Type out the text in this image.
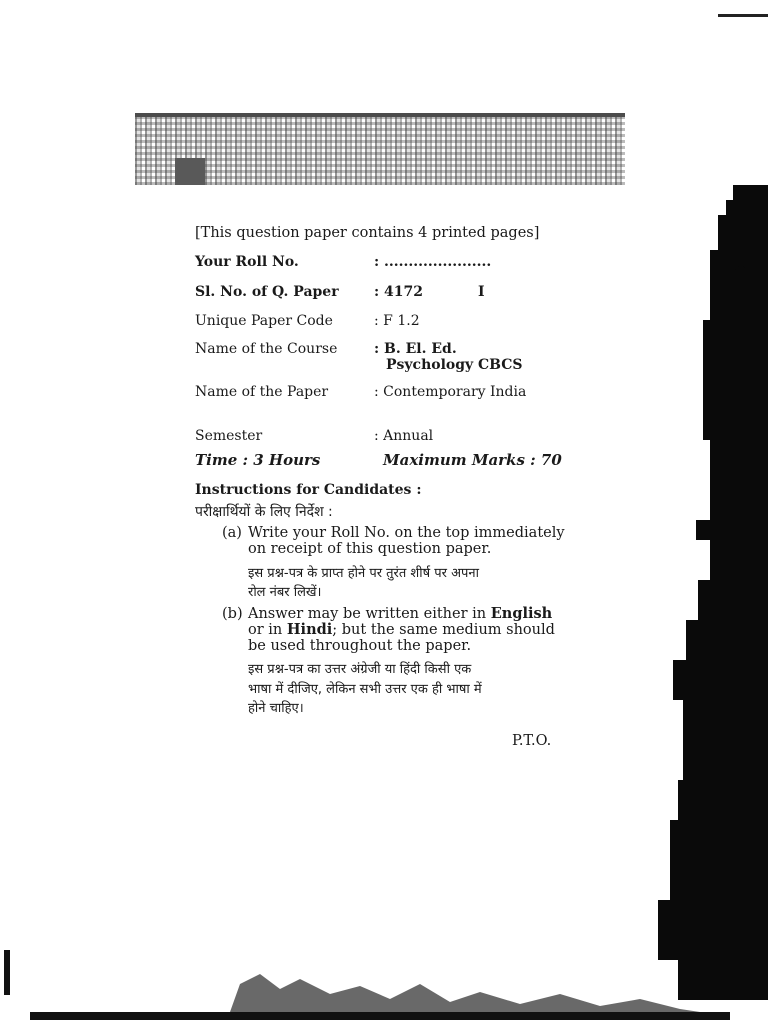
[This question paper contains 4 printed pages]
Your Roll No.	: ......................
Sl. No. of Q. Paper	: 4172	I
Unique Paper Code	: F 1.2
Name of the Course	: B. El. Ed.
Psychology CBCS
Name of the Paper	: Contemporary India
Semester	: Annual
Time : 3 Hours	Maximum Marks : 70
Instructions for Candidates :
परीक्षार्थियों के लिए निर्देश :
(a) Write your Roll No. on the top immediately
on receipt of this question paper.
इस प्रश्न-पत्र के प्राप्त होने पर तुरंत शीर्ष पर अपना
रोल नंबर लिखें।
(b) Answer may be written either in English
or in Hindi; but the same medium should
be used throughout the paper.
इस प्रश्न-पत्र का उत्तर अंग्रेजी या हिंदी किसी एक
भाषा में दीजिए, लेकिन सभी उत्तर एक ही भाषा में
होने चाहिए।
P.T.O.
